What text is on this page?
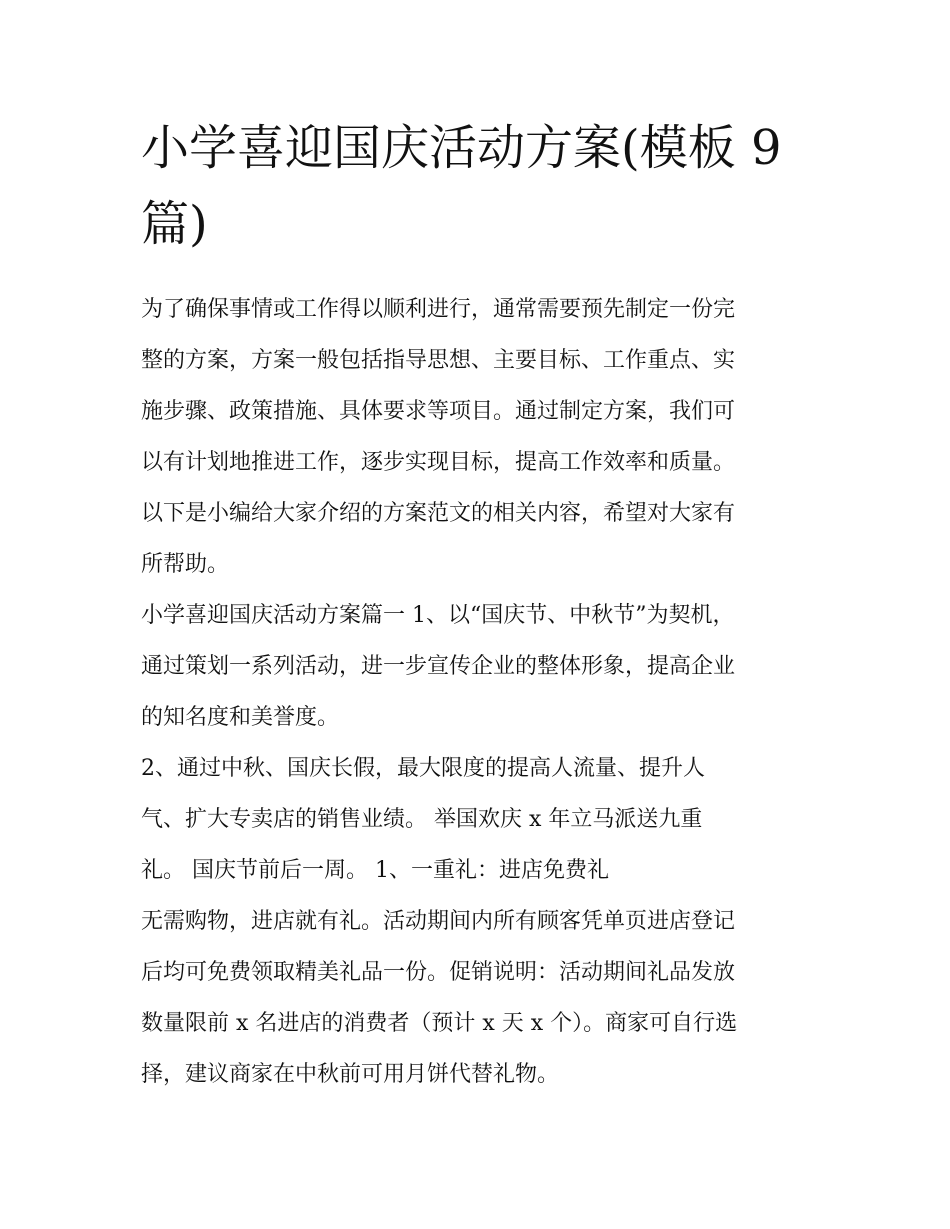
小学喜迎国庆活动方案(模板 9
篇)

为了确保事情或工作得以顺利进行，通常需要预先制定一份完
整的方案，方案一般包括指导思想、主要目标、工作重点、实
施步骤、政策措施、具体要求等项目。通过制定方案，我们可
以有计划地推进工作，逐步实现目标，提高工作效率和质量。
以下是小编给大家介绍的方案范文的相关内容，希望对大家有
所帮助。

小学喜迎国庆活动方案篇一 1、以“国庆节、中秋节”为契机，
通过策划一系列活动，进一步宣传企业的整体形象，提高企业
的知名度和美誉度。

2、通过中秋、国庆长假，最大限度的提高人流量、提升人
气、扩大专卖店的销售业绩。 举国欢庆 x 年立马派送九重
礼。 国庆节前后一周。 1、一重礼：进店免费礼

无需购物，进店就有礼。活动期间内所有顾客凭单页进店登记
后均可免费领取精美礼品一份。促销说明：活动期间礼品发放
数量限前 x 名进店的消费者（预计 x 天 x 个）。商家可自行选
择，建议商家在中秋前可用月饼代替礼物。
